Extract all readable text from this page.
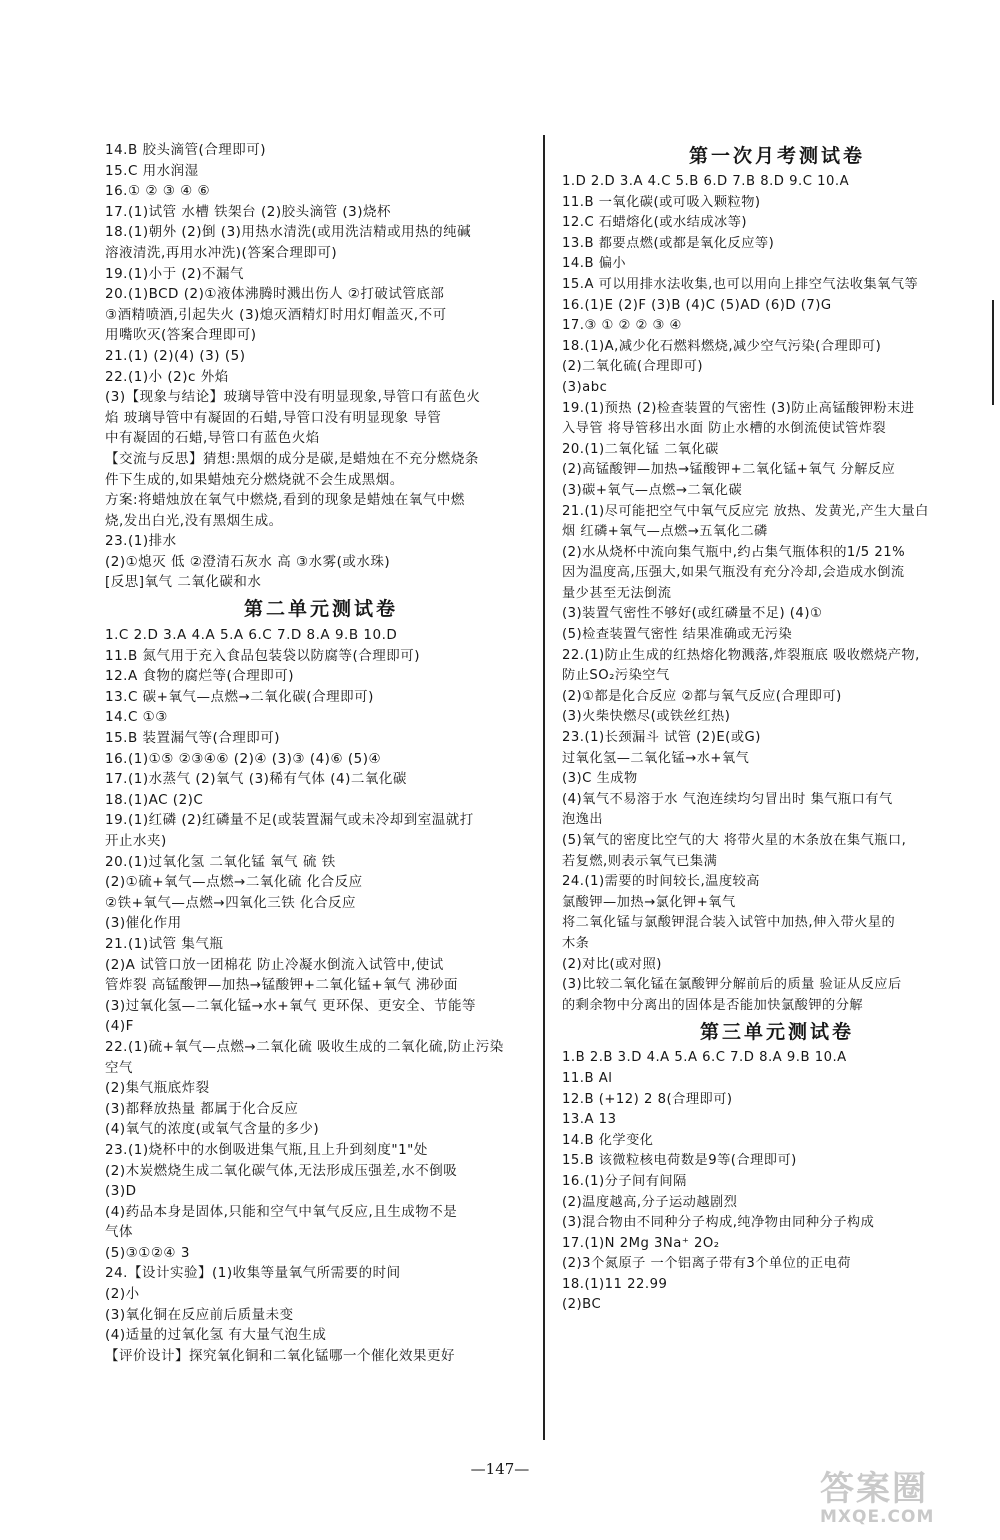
14.B 胶头滴管(合理即可)
15.C 用水润湿
16.① ② ③ ④ ⑥
17.(1)试管 水槽 铁架台 (2)胶头滴管 (3)烧杯
18.(1)朝外 (2)倒 (3)用热水清洗(或用洗洁精或用热的纯碱
溶液清洗,再用水冲洗)(答案合理即可)
19.(1)小于 (2)不漏气
20.(1)BCD (2)①液体沸腾时溅出伤人 ②打破试管底部
③酒精喷酒,引起失火 (3)熄灭酒精灯时用灯帽盖灭,不可
用嘴吹灭(答案合理即可)
21.(1) (2)(4) (3) (5)
22.(1)小 (2)c 外焰
(3)【现象与结论】玻璃导管中没有明显现象,导管口有蓝色火
焰 玻璃导管中有凝固的石蜡,导管口没有明显现象 导管
中有凝固的石蜡,导管口有蓝色火焰
【交流与反思】猜想:黑烟的成分是碳,是蜡烛在不充分燃烧条
件下生成的,如果蜡烛充分燃烧就不会生成黑烟。
方案:将蜡烛放在氧气中燃烧,看到的现象是蜡烛在氧气中燃
烧,发出白光,没有黑烟生成。
23.(1)排水
(2)①熄灭 低 ②澄清石灰水 高 ③水雾(或水珠)
[反思]氧气 二氧化碳和水
第二单元测试卷
1.C 2.D 3.A 4.A 5.A 6.C 7.D 8.A 9.B 10.D
11.B 氮气用于充入食品包装袋以防腐等(合理即可)
12.A 食物的腐烂等(合理即可)
13.C 碳+氧气—点燃→二氧化碳(合理即可)
14.C ①③
15.B 装置漏气等(合理即可)
16.(1)①⑤ ②③④⑥ (2)④ (3)③ (4)⑥ (5)④
17.(1)水蒸气 (2)氧气 (3)稀有气体 (4)二氧化碳
18.(1)AC (2)C
19.(1)红磷 (2)红磷量不足(或装置漏气或未冷却到室温就打
开止水夹)
20.(1)过氧化氢 二氧化锰 氧气 硫 铁
(2)①硫+氧气—点燃→二氧化硫 化合反应
②铁+氧气—点燃→四氧化三铁 化合反应
(3)催化作用
21.(1)试管 集气瓶
(2)A 试管口放一团棉花 防止冷凝水倒流入试管中,使试
管炸裂 高锰酸钾—加热→锰酸钾+二氧化锰+氧气 沸砂面
(3)过氧化氢—二氧化锰→水+氧气 更环保、更安全、节能等
(4)F
22.(1)硫+氧气—点燃→二氧化硫 吸收生成的二氧化硫,防止污染
空气
(2)集气瓶底炸裂
(3)都释放热量 都属于化合反应
(4)氧气的浓度(或氧气含量的多少)
23.(1)烧杯中的水倒吸进集气瓶,且上升到刻度"1"处
(2)木炭燃烧生成二氧化碳气体,无法形成压强差,水不倒吸
(3)D
(4)药品本身是固体,只能和空气中氧气反应,且生成物不是
气体
(5)③①②④ 3
24.【设计实验】(1)收集等量氧气所需要的时间
(2)小
(3)氧化铜在反应前后质量未变
(4)适量的过氧化氢 有大量气泡生成
【评价设计】探究氧化铜和二氧化锰哪一个催化效果更好
第一次月考测试卷
1.D 2.D 3.A 4.C 5.B 6.D 7.B 8.D 9.C 10.A
11.B 一氧化碳(或可吸入颗粒物)
12.C 石蜡熔化(或水结成冰等)
13.B 都要点燃(或都是氧化反应等)
14.B 偏小
15.A 可以用排水法收集,也可以用向上排空气法收集氧气等
16.(1)E (2)F (3)B (4)C (5)AD (6)D (7)G
17.③ ① ② ② ③ ④
18.(1)A,减少化石燃料燃烧,减少空气污染(合理即可)
(2)二氧化硫(合理即可)
(3)abc
19.(1)预热 (2)检查装置的气密性 (3)防止高锰酸钾粉末进
入导管 将导管移出水面 防止水槽的水倒流使试管炸裂
20.(1)二氧化锰 二氧化碳
(2)高锰酸钾—加热→锰酸钾+二氧化锰+氧气 分解反应
(3)碳+氧气—点燃→二氧化碳
21.(1)尽可能把空气中氧气反应完 放热、发黄光,产生大量白
烟 红磷+氧气—点燃→五氧化二磷
(2)水从烧杯中流向集气瓶中,约占集气瓶体积的1/5 21%
因为温度高,压强大,如果气瓶没有充分冷却,会造成水倒流
量少甚至无法倒流
(3)装置气密性不够好(或红磷量不足) (4)①
(5)检查装置气密性 结果准确或无污染
22.(1)防止生成的红热熔化物溅落,炸裂瓶底 吸收燃烧产物,
防止SO₂污染空气
(2)①都是化合反应 ②都与氧气反应(合理即可)
(3)火柴快燃尽(或铁丝红热)
23.(1)长颈漏斗 试管 (2)E(或G)
过氧化氢—二氧化锰→水+氧气
(3)C 生成物
(4)氧气不易溶于水 气泡连续均匀冒出时 集气瓶口有气
泡逸出
(5)氧气的密度比空气的大 将带火星的木条放在集气瓶口,
若复燃,则表示氧气已集满
24.(1)需要的时间较长,温度较高
氯酸钾—加热→氯化钾+氧气
将二氧化锰与氯酸钾混合装入试管中加热,伸入带火星的
木条
(2)对比(或对照)
(3)比较二氧化锰在氯酸钾分解前后的质量 验证从反应后
的剩余物中分离出的固体是否能加快氯酸钾的分解
第三单元测试卷
1.B 2.B 3.D 4.A 5.A 6.C 7.D 8.A 9.B 10.A
11.B Al
12.B (+12) 2 8(合理即可)
13.A 13
14.B 化学变化
15.B 该微粒核电荷数是9等(合理即可)
16.(1)分子间有间隔
(2)温度越高,分子运动越剧烈
(3)混合物由不同种分子构成,纯净物由同种分子构成
17.(1)N 2Mg 3Na⁺ 2O₂
(2)3个氮原子 一个铝离子带有3个单位的正电荷
18.(1)11 22.99
(2)BC
—147—	答案圈
MXQE.COM
